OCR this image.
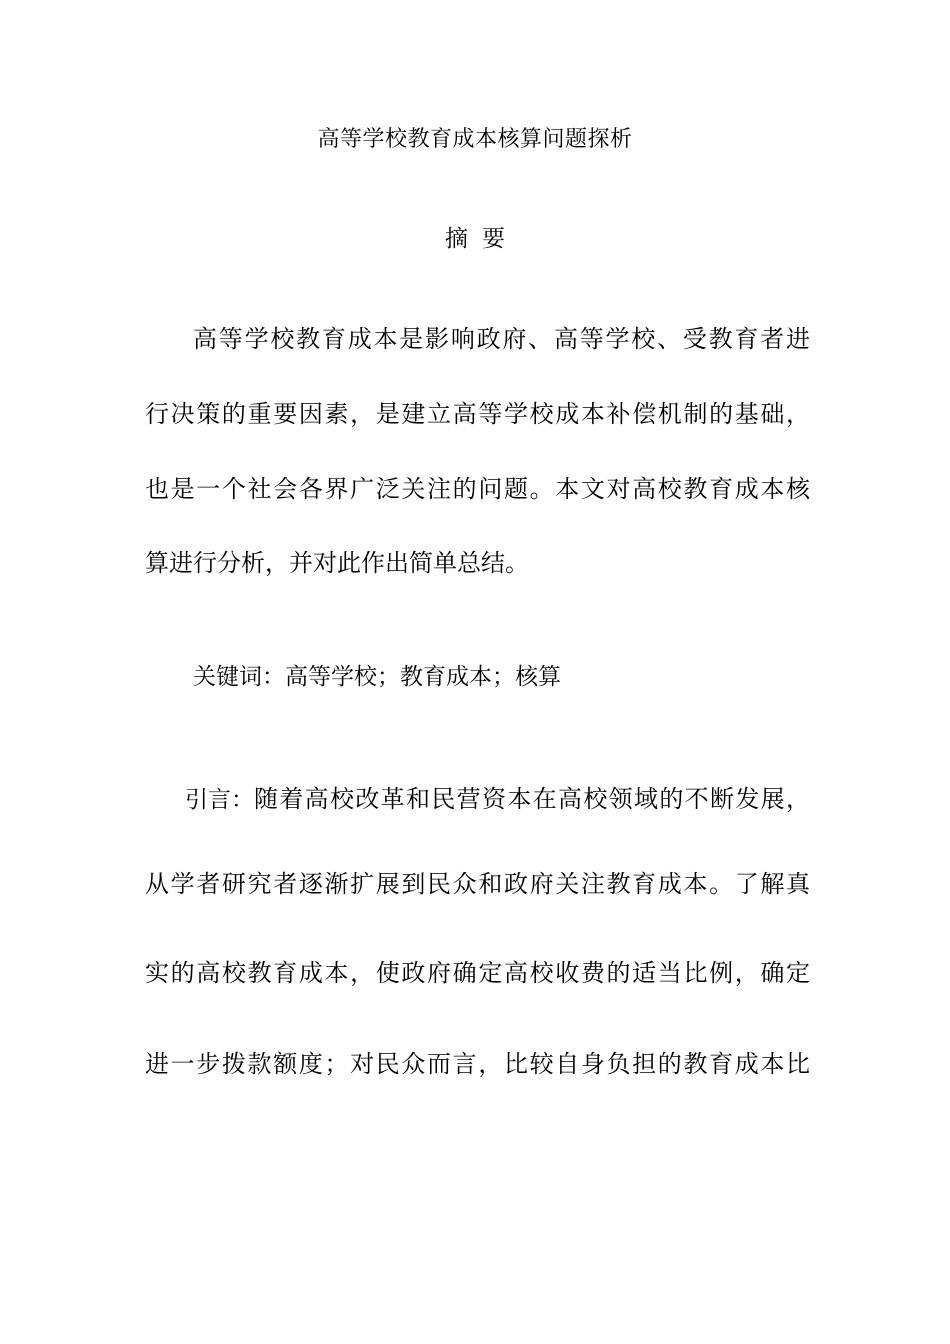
高等学校教育成本核算问题探析
摘要
高等学校教育成本是影响政府、高等学校、受教育者进
行决策的重要因素，是建立高等学校成本补偿机制的基础，
也是一个社会各界广泛关注的问题。本文对高校教育成本核
算进行分析，并对此作出简单总结。
关键词：高等学校；教育成本；核算
引言： 随着高校改革和民营资本在高校领域的不断发展，
从学者研究者逐渐扩展到民众和政府关注教育成本。了解真
实的高校教育成本，使政府确定高校收费的适当比例，确定
进一步拨款额度；对民众而言，比较自身负担的教育成本比
